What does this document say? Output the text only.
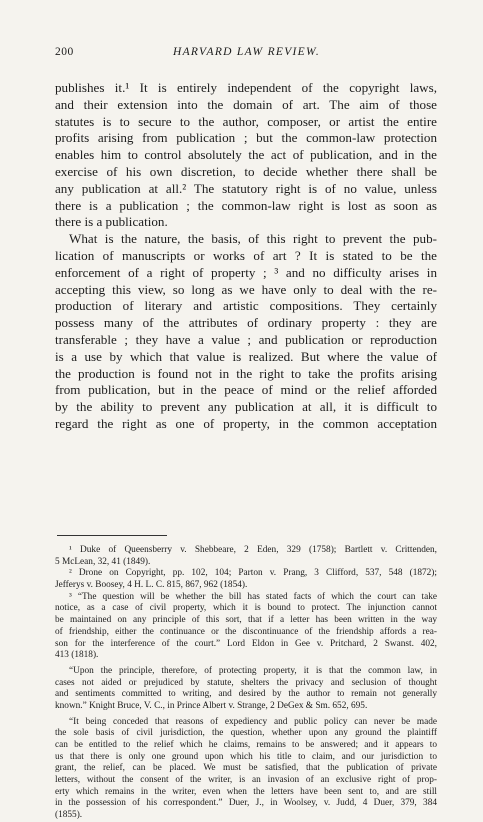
200	HARVARD LAW REVIEW.
publishes it.¹ It is entirely independent of the copyright laws,
and their extension into the domain of art. The aim of those
statutes is to secure to the author, composer, or artist the entire
profits arising from publication ; but the common-law protection
enables him to control absolutely the act of publication, and in the
exercise of his own discretion, to decide whether there shall be
any publication at all.² The statutory right is of no value, unless
there is a publication ; the common-law right is lost as soon as
there is a publication.
What is the nature, the basis, of this right to prevent the pub-
lication of manuscripts or works of art ? It is stated to be the
enforcement of a right of property ; ³ and no difficulty arises in
accepting this view, so long as we have only to deal with the re-
production of literary and artistic compositions. They certainly
possess many of the attributes of ordinary property : they are
transferable ; they have a value ; and publication or reproduction
is a use by which that value is realized. But where the value of
the production is found not in the right to take the profits arising
from publication, but in the peace of mind or the relief afforded
by the ability to prevent any publication at all, it is difficult to
regard the right as one of property, in the common acceptation
¹ Duke of Queensberry v. Shebbeare, 2 Eden, 329 (1758); Bartlett v. Crittenden,
5 McLean, 32, 41 (1849).
² Drone on Copyright, pp. 102, 104; Parton v. Prang, 3 Clifford, 537, 548 (1872);
Jefferys v. Boosey, 4 H. L. C. 815, 867, 962 (1854).
³ “The question will be whether the bill has stated facts of which the court can take
notice, as a case of civil property, which it is bound to protect. The injunction cannot
be maintained on any principle of this sort, that if a letter has been written in the way
of friendship, either the continuance or the discontinuance of the friendship affords a rea-
son for the interference of the court.” Lord Eldon in Gee v. Pritchard, 2 Swanst. 402,
413 (1818).
“Upon the principle, therefore, of protecting property, it is that the common law, in
cases not aided or prejudiced by statute, shelters the privacy and seclusion of thought
and sentiments committed to writing, and desired by the author to remain not generally
known.” Knight Bruce, V. C., in Prince Albert v. Strange, 2 DeGex & Sm. 652, 695.
“It being conceded that reasons of expediency and public policy can never be made
the sole basis of civil jurisdiction, the question, whether upon any ground the plaintiff
can be entitled to the relief which he claims, remains to be answered; and it appears to
us that there is only one ground upon which his title to claim, and our jurisdiction to
grant, the relief, can be placed. We must be satisfied, that the publication of private
letters, without the consent of the writer, is an invasion of an exclusive right of prop-
erty which remains in the writer, even when the letters have been sent to, and are still
in the possession of his correspondent.” Duer, J., in Woolsey, v. Judd, 4 Duer, 379, 384
(1855).
